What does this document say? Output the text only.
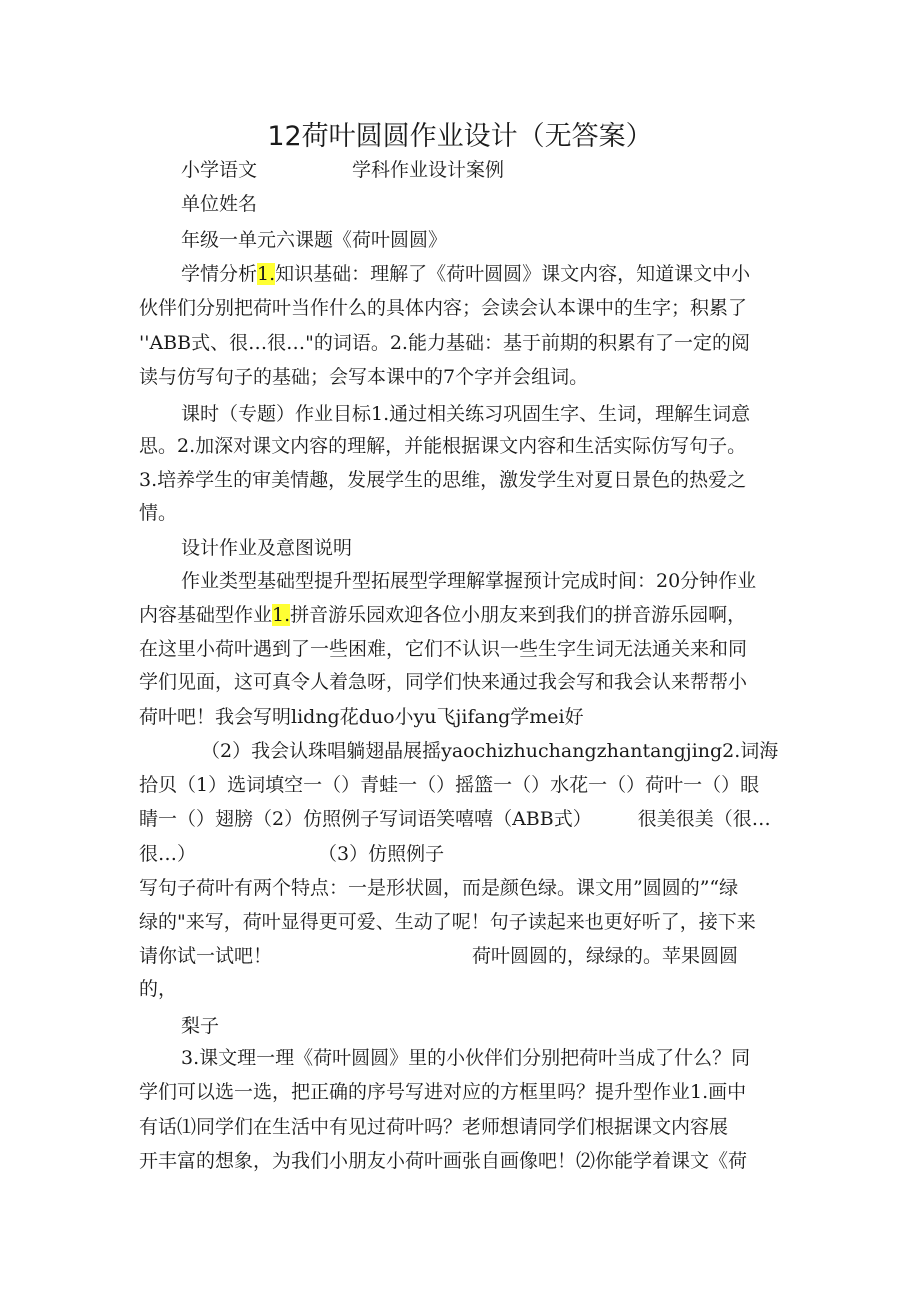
12荷叶圆圆作业设计（无答案）
小学语文	学科作业设计案例
单位姓名
年级一单元六课题《荷叶圆圆》
学情分析1.知识基础：理解了《荷叶圆圆》课文内容，知道课文中小
伙伴们分别把荷叶当作什么的具体内容；会读会认本课中的生字；积累了
''ABB式、很…很…"的词语。2.能力基础：基于前期的积累有了一定的阅
读与仿写句子的基础；会写本课中的7个字并会组词。
课时（专题）作业目标1.通过相关练习巩固生字、生词，理解生词意
思。2.加深对课文内容的理解，并能根据课文内容和生活实际仿写句子。
3.培养学生的审美情趣，发展学生的思维，激发学生对夏日景色的热爱之
情。
设计作业及意图说明
作业类型基础型提升型拓展型学理解掌握预计完成时间：20分钟作业
内容基础型作业1.拼音游乐园欢迎各位小朋友来到我们的拼音游乐园啊，
在这里小荷叶遇到了一些困难，它们不认识一些生字生词无法通关来和同
学们见面，这可真令人着急呀，同学们快来通过我会写和我会认来帮帮小
荷叶吧！我会写明lidng花duo小yu飞jifang学mei好
（2）我会认珠唱躺翅晶展摇yaochizhuchangzhantangjing2.词海
拾贝（1）选词填空一（）青蛙一（）摇篮一（）水花一（）荷叶一（）眼
睛一（）翅膀（2）仿照例子写词语笑嘻嘻（ABB式） 很美很美（很…
很…）	（3）仿照例子
写句子荷叶有两个特点：一是形状圆，而是颜色绿。课文用”圆圆的”“绿
绿的"来写，荷叶显得更可爱、生动了呢！句子读起来也更好听了，接下来
请你试一试吧！	荷叶圆圆的，绿绿的。苹果圆圆
的，
梨子
3.课文理一理《荷叶圆圆》里的小伙伴们分别把荷叶当成了什么？同
学们可以选一选，把正确的序号写进对应的方框里吗？提升型作业1.画中
有话⑴同学们在生活中有见过荷叶吗？老师想请同学们根据课文内容展
开丰富的想象，为我们小朋友小荷叶画张自画像吧！⑵你能学着课文《荷
